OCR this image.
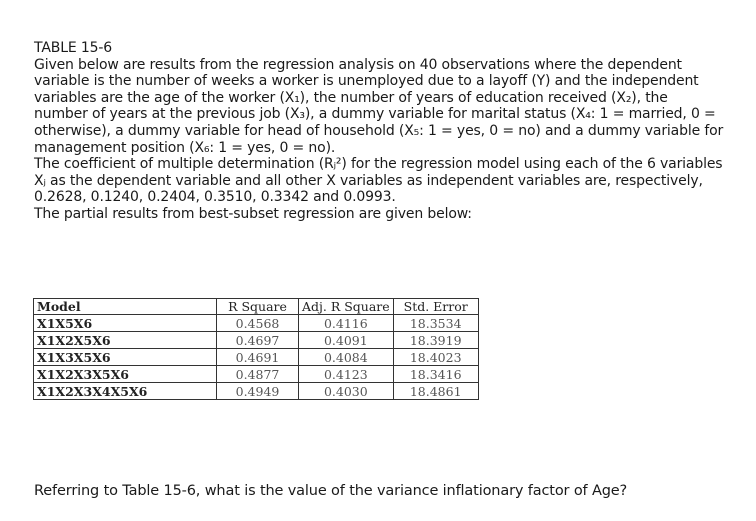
TABLE 15-6

Given below are results from the regression analysis on 40 observations where the dependent variable is the number of weeks a worker is unemployed due to a layoff (Y) and the independent variables are the age of the worker (X₁), the number of years of education received (X₂), the number of years at the previous job (X₃), a dummy variable for marital status (X₄: 1 = married, 0 = otherwise), a dummy variable for head of household (X₅: 1 = yes, 0 = no) and a dummy variable for management position (X₆: 1 = yes, 0 = no).

The coefficient of multiple determination (Rⱼ²) for the regression model using each of the 6 variables Xⱼ as the dependent variable and all other X variables as independent variables are, respectively, 0.2628, 0.1240, 0.2404, 0.3510, 0.3342 and 0.0993.

The partial results from best-subset regression are given below:

Model	R Square	Adj. R Square	Std. Error
X1X5X6	0.4568	0.4116	18.3534
X1X2X5X6	0.4697	0.4091	18.3919
X1X3X5X6	0.4691	0.4084	18.4023
X1X2X3X5X6	0.4877	0.4123	18.3416
X1X2X3X4X5X6	0.4949	0.4030	18.4861

Referring to Table 15-6, what is the value of the variance inflationary factor of Age?
